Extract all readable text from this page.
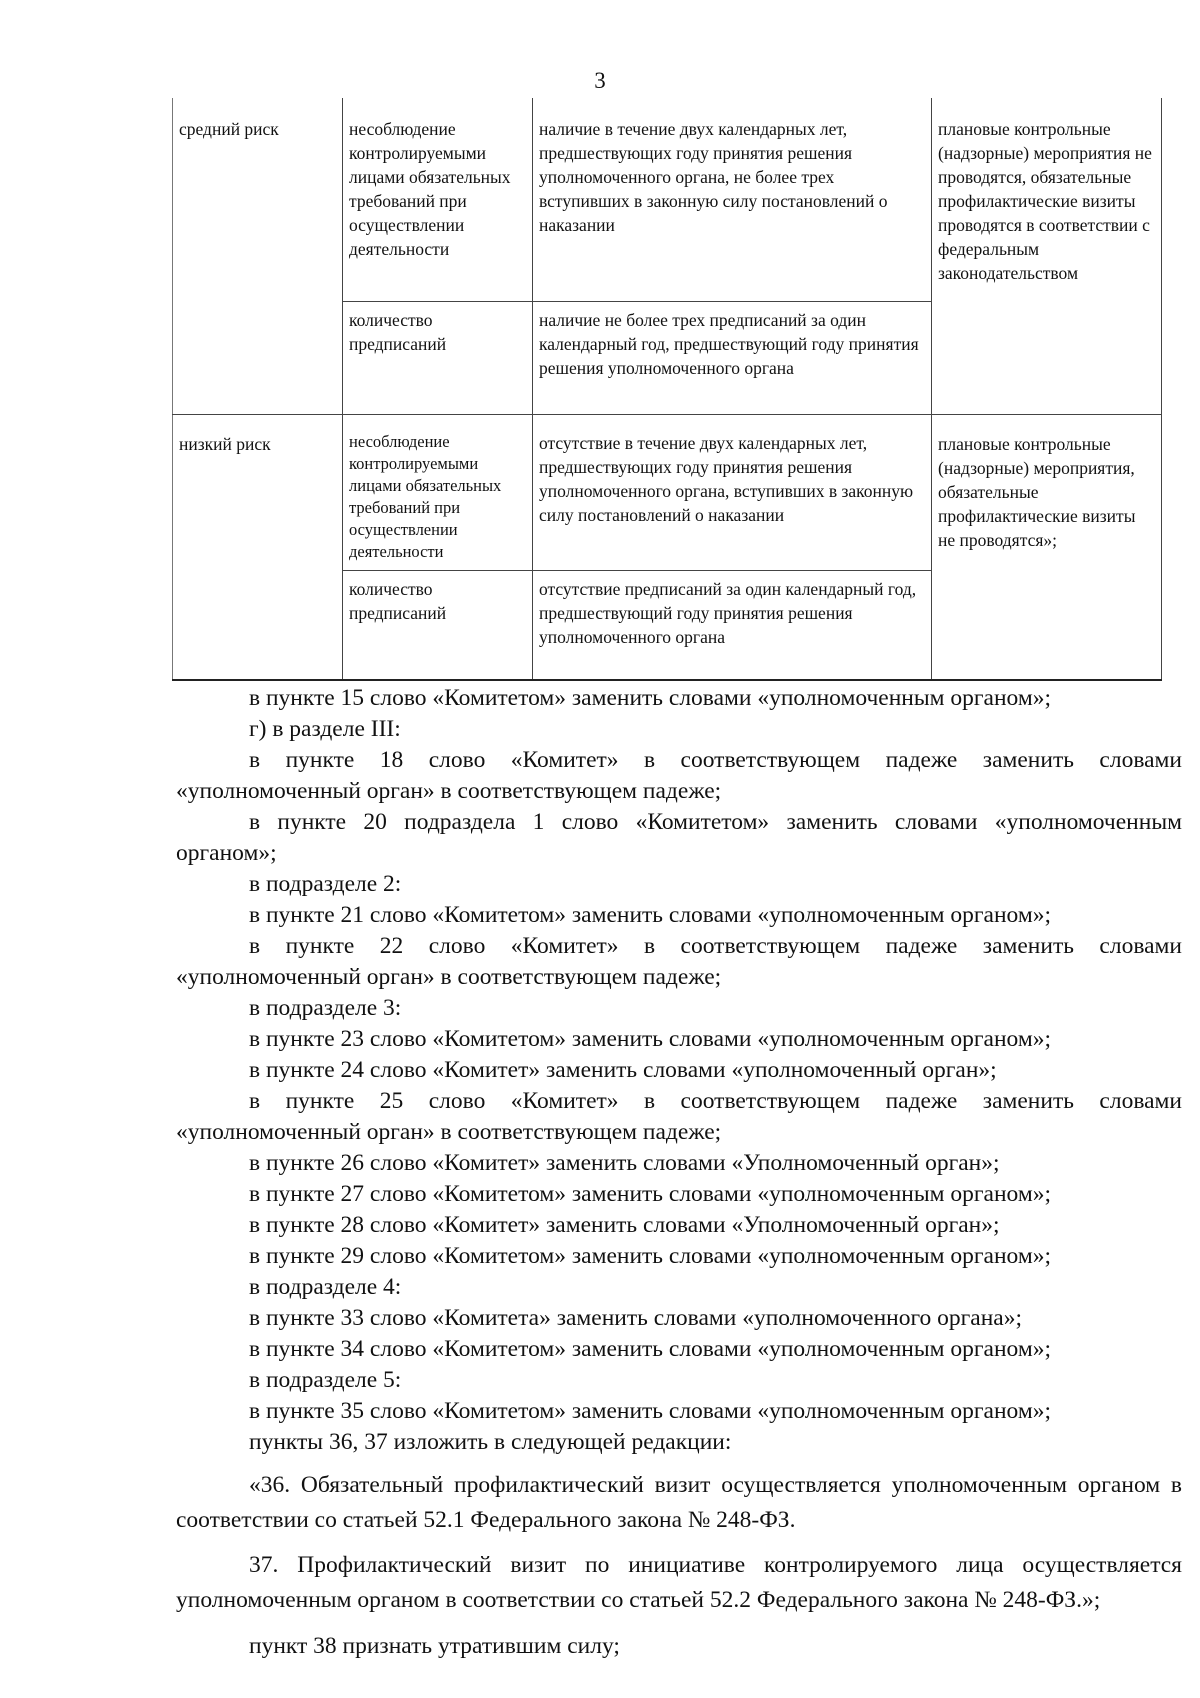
3
средний риск	несоблюдение контролируемыми лицами обязательных требований при осуществлении деятельности	наличие в течение двух календарных лет, предшествующих году принятия решения уполномоченного органа, не более трех вступивших в законную силу постановлений о наказании	плановые контрольные (надзорные) мероприятия не проводятся, обязательные профилактические визиты проводятся в соответствии с федеральным законодательством
	количество предписаний	наличие не более трех предписаний за один календарный год, предшествующий году принятия решения уполномоченного органа	
низкий риск	несоблюдение контролируемыми лицами обязательных требований при осуществлении деятельности	отсутствие в течение двух календарных лет, предшествующих году принятия решения уполномоченного органа, вступивших в законную силу постановлений о наказании	плановые контрольные (надзорные) мероприятия, обязательные профилактические визиты не проводятся»;
	количество предписаний	отсутствие предписаний за один календарный год, предшествующий году принятия решения уполномоченного органа	

в пункте 15 слово «Комитетом» заменить словами «уполномоченным органом»;

г) в разделе III:

в пункте 18 слово «Комитет» в соответствующем падеже заменить словами «уполномоченный орган» в соответствующем падеже;

в пункте 20 подраздела 1 слово «Комитетом» заменить словами «уполномоченным органом»;

в подразделе 2:

в пункте 21 слово «Комитетом» заменить словами «уполномоченным органом»;

в пункте 22 слово «Комитет» в соответствующем падеже заменить словами «уполномоченный орган» в соответствующем падеже;

в подразделе 3:

в пункте 23 слово «Комитетом» заменить словами «уполномоченным органом»;

в пункте 24 слово «Комитет» заменить словами «уполномоченный орган»;

в пункте 25 слово «Комитет» в соответствующем падеже заменить словами «уполномоченный орган» в соответствующем падеже;

в пункте 26 слово «Комитет» заменить словами «Уполномоченный орган»;

в пункте 27 слово «Комитетом» заменить словами «уполномоченным органом»;

в пункте 28 слово «Комитет» заменить словами «Уполномоченный орган»;

в пункте 29 слово «Комитетом» заменить словами «уполномоченным органом»;

в подразделе 4:

в пункте 33 слово «Комитета» заменить словами «уполномоченного органа»;

в пункте 34 слово «Комитетом» заменить словами «уполномоченным органом»;

в подразделе 5:

в пункте 35 слово «Комитетом» заменить словами «уполномоченным органом»;

пункты 36, 37 изложить в следующей редакции:

«36. Обязательный профилактический визит осуществляется уполномоченным органом в соответствии со статьей 52.1 Федерального закона № 248-ФЗ.

37. Профилактический визит по инициативе контролируемого лица осуществляется уполномоченным органом в соответствии со статьей 52.2 Федерального закона № 248-ФЗ.»;

пункт 38 признать утратившим силу;
